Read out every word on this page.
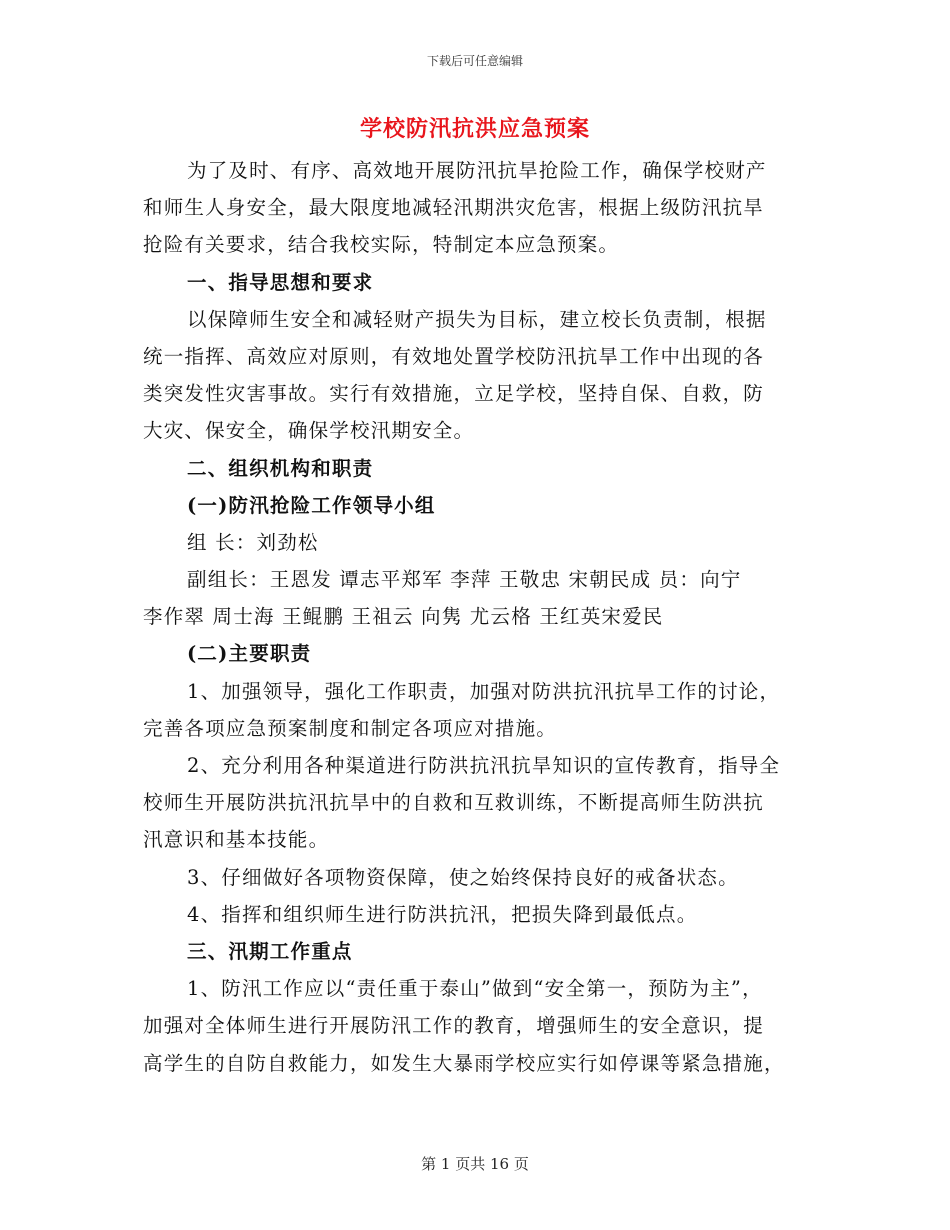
下载后可任意编辑
学校防汛抗洪应急预案
为了及时、有序、高效地开展防汛抗旱抢险工作，确保学校财产
和师生人身安全，最大限度地减轻汛期洪灾危害，根据上级防汛抗旱
抢险有关要求，结合我校实际，特制定本应急预案。
一、指导思想和要求
以保障师生安全和减轻财产损失为目标，建立校长负责制，根据
统一指挥、高效应对原则，有效地处置学校防汛抗旱工作中出现的各
类突发性灾害事故。实行有效措施，立足学校，坚持自保、自救，防
大灾、保安全，确保学校汛期安全。
二、组织机构和职责
(一)防汛抢险工作领导小组
组 长：刘劲松
副组长：王恩发 谭志平郑军 李萍 王敬忠 宋朝民成 员：向宁
李作翠 周士海 王鲲鹏 王祖云 向隽 尤云格 王红英宋爱民
(二)主要职责
1、加强领导，强化工作职责，加强对防洪抗汛抗旱工作的讨论，
完善各项应急预案制度和制定各项应对措施。
2、充分利用各种渠道进行防洪抗汛抗旱知识的宣传教育，指导全
校师生开展防洪抗汛抗旱中的自救和互救训练，不断提高师生防洪抗
汛意识和基本技能。
3、仔细做好各项物资保障，使之始终保持良好的戒备状态。
4、指挥和组织师生进行防洪抗汛，把损失降到最低点。
三、汛期工作重点
1、防汛工作应以“责任重于泰山”做到“安全第一，预防为主”，
加强对全体师生进行开展防汛工作的教育，增强师生的安全意识，提
高学生的自防自救能力，如发生大暴雨学校应实行如停课等紧急措施，
第 1 页共 16 页
